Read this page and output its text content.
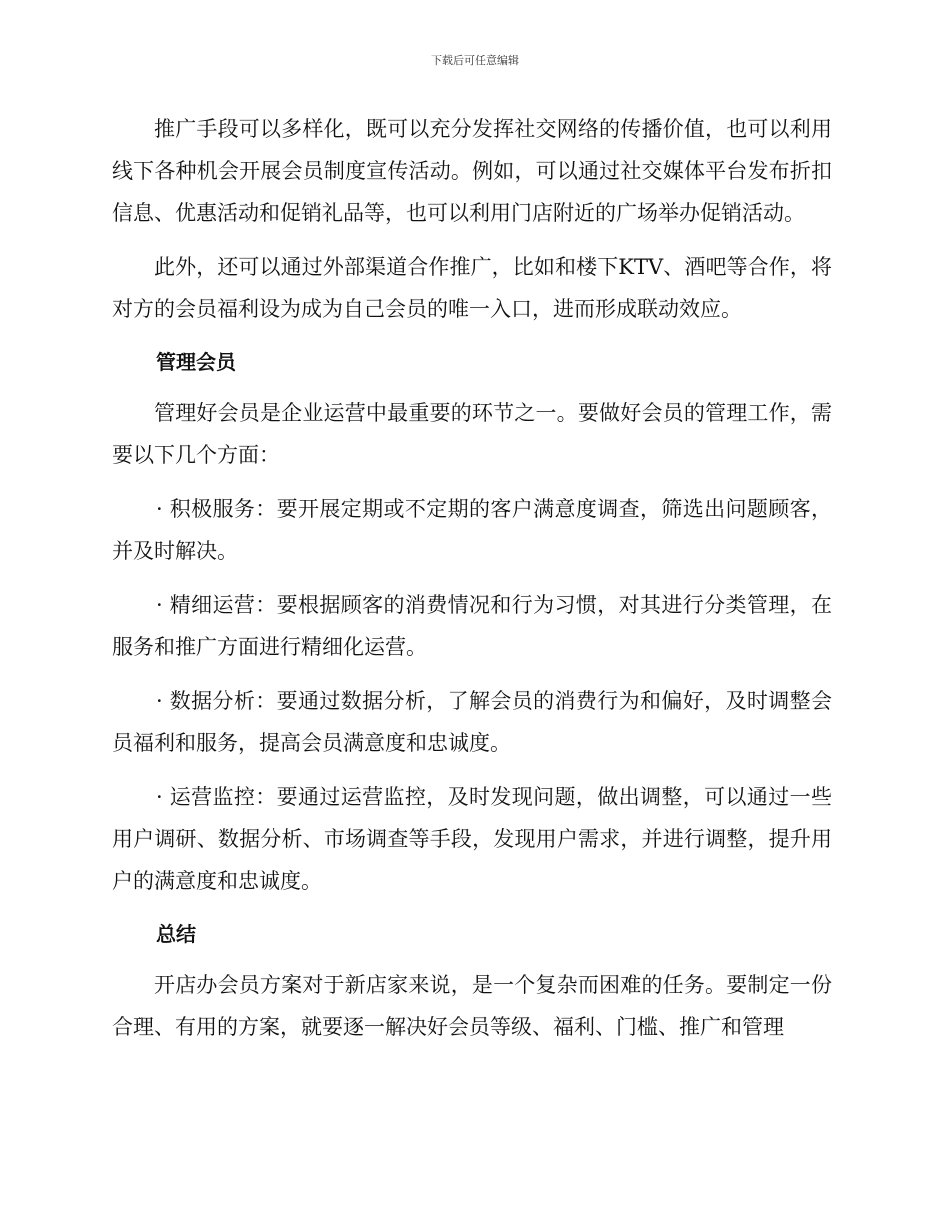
下载后可任意编辑

推广手段可以多样化，既可以充分发挥社交网络的传播价值，也可以利用线下各种机会开展会员制度宣传活动。例如，可以通过社交媒体平台发布折扣信息、优惠活动和促销礼品等，也可以利用门店附近的广场举办促销活动。

此外，还可以通过外部渠道合作推广，比如和楼下KTV、酒吧等合作，将对方的会员福利设为成为自己会员的唯一入口，进而形成联动效应。

管理会员

管理好会员是企业运营中最重要的环节之一。要做好会员的管理工作，需要以下几个方面：

· 积极服务：要开展定期或不定期的客户满意度调查，筛选出问题顾客，并及时解决。

· 精细运营：要根据顾客的消费情况和行为习惯，对其进行分类管理，在服务和推广方面进行精细化运营。

· 数据分析：要通过数据分析，了解会员的消费行为和偏好，及时调整会员福利和服务，提高会员满意度和忠诚度。

· 运营监控：要通过运营监控，及时发现问题，做出调整，可以通过一些用户调研、数据分析、市场调查等手段，发现用户需求，并进行调整，提升用户的满意度和忠诚度。

总结

开店办会员方案对于新店家来说，是一个复杂而困难的任务。要制定一份合理、有用的方案，就要逐一解决好会员等级、福利、门槛、推广和管理
